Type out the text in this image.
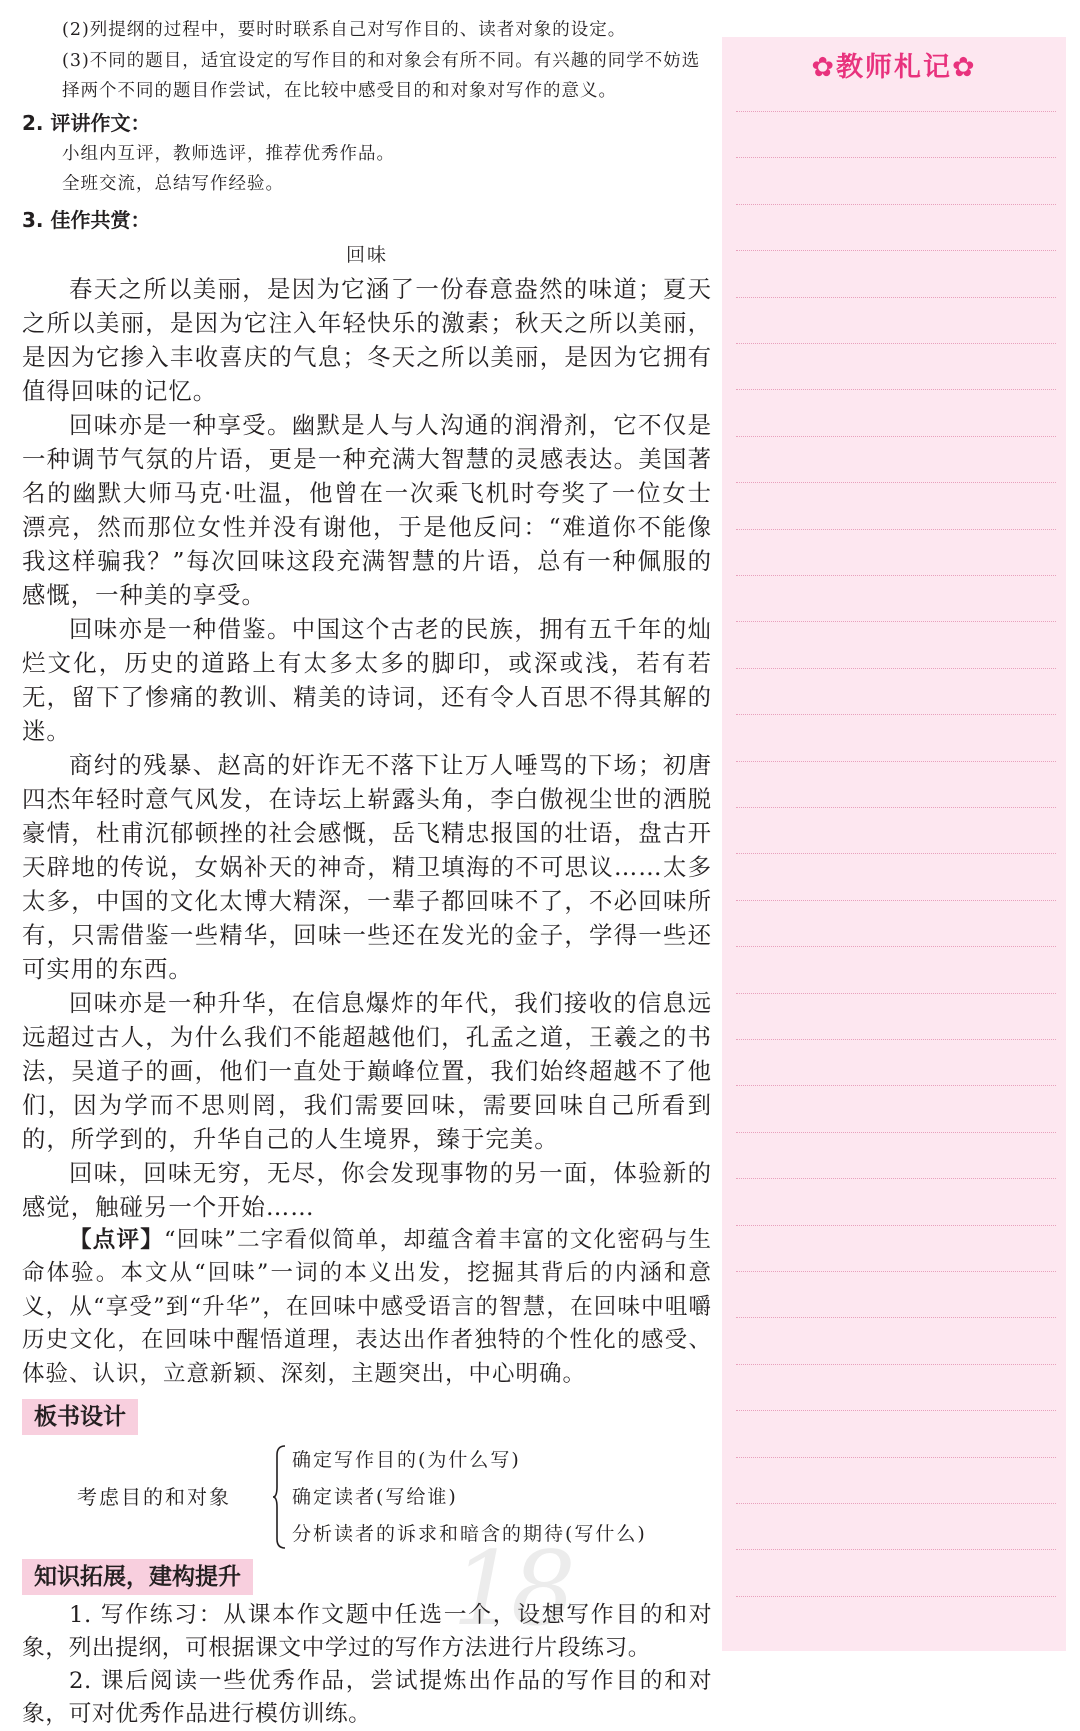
18

(2)列提纲的过程中，要时时联系自己对写作目的、读者对象的设定。

(3)不同的题目，适宜设定的写作目的和对象会有所不同。有兴趣的同学不妨选择两个不同的题目作尝试，在比较中感受目的和对象对写作的意义。

2. 评讲作文：

小组内互评，教师选评，推荐优秀作品。

全班交流，总结写作经验。

3. 佳作共赏：

回味

春天之所以美丽，是因为它涵了一份春意盎然的味道；夏天之所以美丽，是因为它注入年轻快乐的激素；秋天之所以美丽，是因为它掺入丰收喜庆的气息；冬天之所以美丽，是因为它拥有值得回味的记忆。

回味亦是一种享受。幽默是人与人沟通的润滑剂，它不仅是一种调节气氛的片语，更是一种充满大智慧的灵感表达。美国著名的幽默大师马克·吐温，他曾在一次乘飞机时夸奖了一位女士漂亮，然而那位女性并没有谢他，于是他反问：“难道你不能像我这样骗我？”每次回味这段充满智慧的片语，总有一种佩服的感慨，一种美的享受。

回味亦是一种借鉴。中国这个古老的民族，拥有五千年的灿烂文化，历史的道路上有太多太多的脚印，或深或浅，若有若无，留下了惨痛的教训、精美的诗词，还有令人百思不得其解的迷。

商纣的残暴、赵高的奸诈无不落下让万人唾骂的下场；初唐四杰年轻时意气风发，在诗坛上崭露头角，李白傲视尘世的洒脱豪情，杜甫沉郁顿挫的社会感慨，岳飞精忠报国的壮语，盘古开天辟地的传说，女娲补天的神奇，精卫填海的不可思议……太多太多，中国的文化太博大精深，一辈子都回味不了，不必回味所有，只需借鉴一些精华，回味一些还在发光的金子，学得一些还可实用的东西。

回味亦是一种升华，在信息爆炸的年代，我们接收的信息远远超过古人，为什么我们不能超越他们，孔孟之道，王羲之的书法，吴道子的画，他们一直处于巅峰位置，我们始终超越不了他们，因为学而不思则罔，我们需要回味，需要回味自己所看到的，所学到的，升华自己的人生境界，臻于完美。

回味，回味无穷，无尽，你会发现事物的另一面，体验新的感觉，触碰另一个开始……

【点评】“回味”二字看似简单，却蕴含着丰富的文化密码与生命体验。本文从“回味”一词的本义出发，挖掘其背后的内涵和意义，从“享受”到“升华”，在回味中感受语言的智慧，在回味中咀嚼历史文化，在回味中醒悟道理，表达出作者独特的个性化的感受、体验、认识，立意新颖、深刻，主题突出，中心明确。

板书设计
考虑目的和对象
确定写作目的(为什么写)
确定读者(写给谁)
分析读者的诉求和暗含的期待(写什么)
知识拓展，建构提升

1. 写作练习：从课本作文题中任选一个，设想写作目的和对象，列出提纲，可根据课文中学过的写作方法进行片段练习。

2. 课后阅读一些优秀作品，尝试提炼出作品的写作目的和对象，可对优秀作品进行模仿训练。

✿教师札记✿
